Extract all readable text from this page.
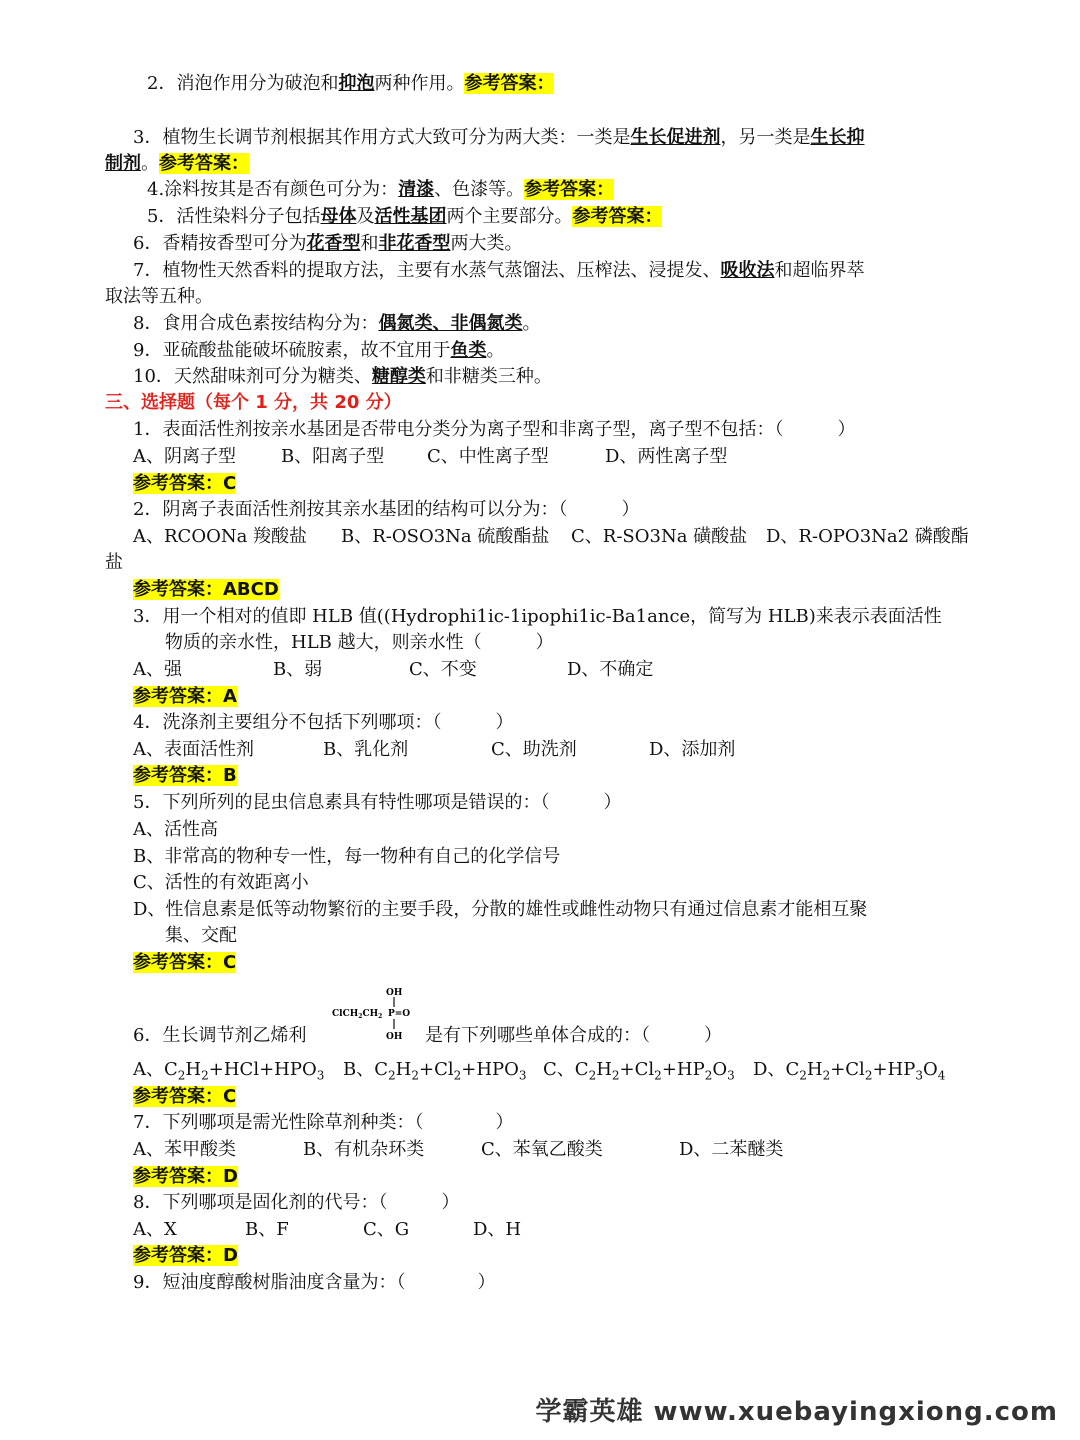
2．消泡作用分为破泡和抑泡两种作用。参考答案：
3．植物生长调节剂根据其作用方式大致可分为两大类：一类是生长促进剂，另一类是生长抑
制剂。参考答案：
4.涂料按其是否有颜色可分为：清漆、色漆等。参考答案：
5．活性染料分子包括母体及活性基团两个主要部分。参考答案：
6．香精按香型可分为花香型和非花香型两大类。
7．植物性天然香料的提取方法，主要有水蒸气蒸馏法、压榨法、浸提发、吸收法和超临界萃
取法等五种。
8．食用合成色素按结构分为：偶氮类、非偶氮类。
9．亚硫酸盐能破坏硫胺素，故不宜用于鱼类。
10．天然甜味剂可分为糖类、糖醇类和非糖类三种。
三、选择题（每个 1 分，共 20 分）
1．表面活性剂按亲水基团是否带电分类分为离子型和非离子型，离子型不包括：（　　　）
A、阴离子型	B、阳离子型 C、中性离子型	D、两性离子型
参考答案：C
2．阴离子表面活性剂按其亲水基团的结构可以分为：（　　　）
A、RCOONa 羧酸盐 B、R-OSO3Na 硫酸酯盐 C、R-SO3Na 磺酸盐 D、R-OPO3Na2 磷酸酯
盐
参考答案：ABCD
3．用一个相对的值即 HLB 值((Hydrophi1ic-1ipophi1ic-Ba1ance，简写为 HLB)来表示表面活性
物质的亲水性，HLB 越大，则亲水性（　　　）
A、强	B、弱	C、不变	D、不确定
参考答案：A
4．洗涤剂主要组分不包括下列哪项：（　　　）
A、表面活性剂	B、乳化剂	C、助洗剂	D、添加剂
参考答案：B
5．下列所列的昆虫信息素具有特性哪项是错误的：（　　　）
A、活性高
B、非常高的物种专一性，每一物种有自己的化学信号
C、活性的有效距离小
D、性信息素是低等动物繁衍的主要手段，分散的雄性或雌性动物只有通过信息素才能相互聚
集、交配
参考答案：C
OH
$ClCH_2CH_2$ P=O
OH
6．生长调节剂乙烯利	是有下列哪些单体合成的：（　　　）
A、$C_2H_2+HCl+HPO_3$ B、$C_2H_2+Cl_2+HPO_3$ C、$C_2H_2+Cl_2+HP_2O_3$ D、$C_2H_2+Cl_2+HP_3O_4$
参考答案：C
7．下列哪项是需光性除草剂种类：（　　　　）
A、苯甲酸类	B、有机杂环类	C、苯氧乙酸类	D、二苯醚类
参考答案：D
8．下列哪项是固化剂的代号：（　　　）
A、X	B、F	C、G	D、H
参考答案：D
9．短油度醇酸树脂油度含量为：（　　　　）
学霸英雄 www.xuebayingxiong.com
